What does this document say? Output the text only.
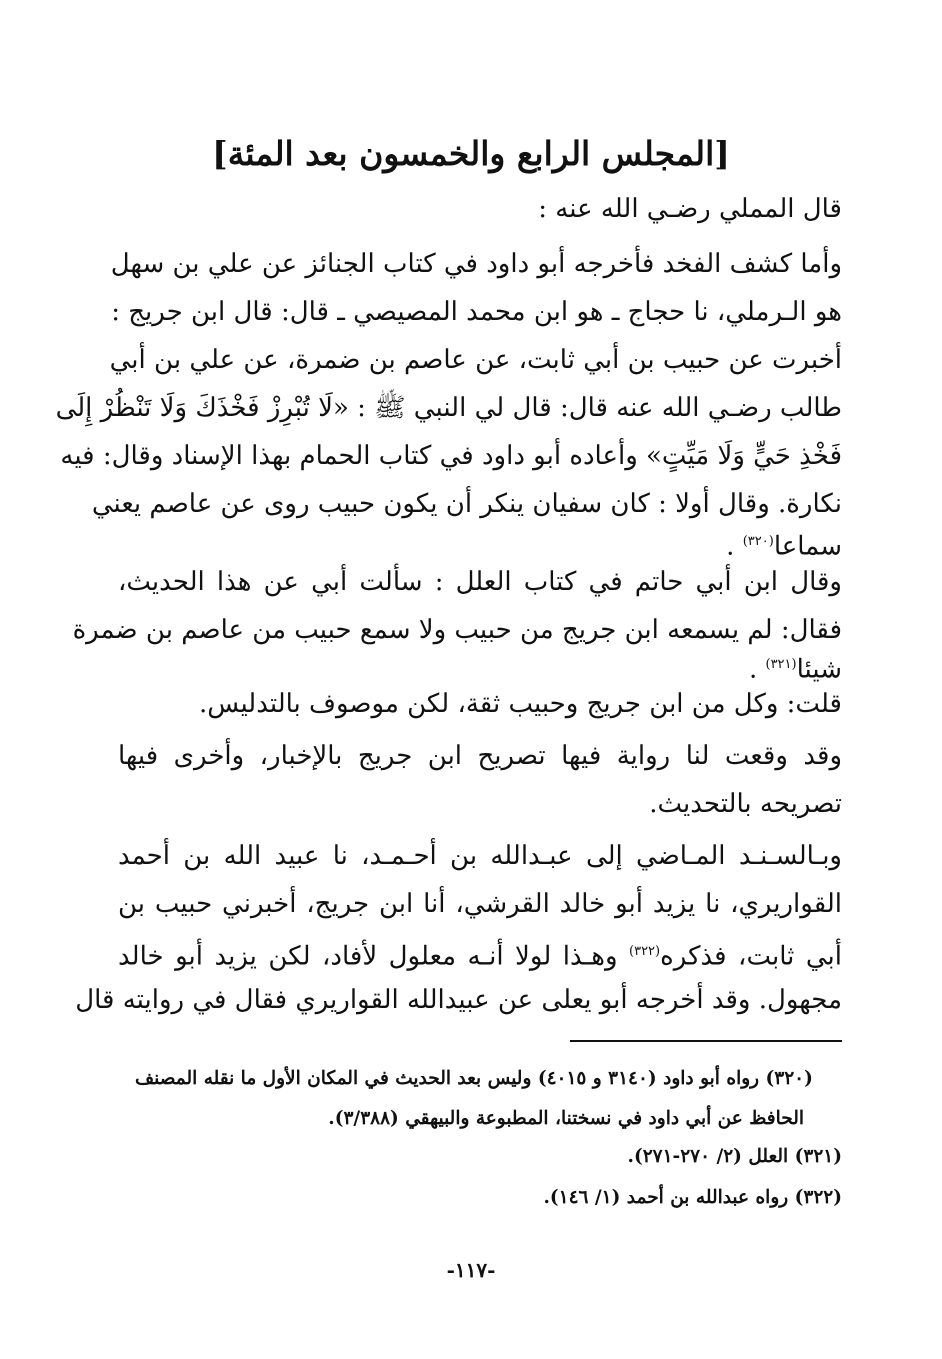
[المجلس الرابع والخمسون بعد المئة]
قال المملي رضـي الله عنه :
وأما كشف الفخد فأخرجه أبو داود في كتاب الجنائز عن علي بن سهل
هو الـرملي، نا حجاج ـ هو ابن محمد المصيصي ـ قال: قال ابن جريج :
أخبرت عن حبيب بن أبي ثابت، عن عاصم بن ضمرة، عن علي بن أبي
طالب رضـي الله عنه قال: قال لي النبي ﷺ : «لَا تُبْرِزْ فَخْذَكَ وَلَا تَنْظُرْ إِلَى
فَخْذِ حَيٍّ وَلَا مَيِّتٍ» وأعاده أبو داود في كتاب الحمام بهذا الإسناد وقال: فيه
نكارة. وقال أولا : كان سفيان ينكر أن يكون حبيب روى عن عاصم يعني
سماعا$^{(٣٢٠)}$ .
وقال ابن أبي حاتم في كتاب العلل : سألت أبي عن هذا الحديث،
فقال: لم يسمعه ابن جريج من حبيب ولا سمع حبيب من عاصم بن ضمرة
شيئا$^{(٣٢١)}$ .
قلت: وكل من ابن جريج وحبيب ثقة، لكن موصوف بالتدليس.
وقد وقعت لنا رواية فيها تصريح ابن جريج بالإخبار، وأخرى فيها
تصريحه بالتحديث.
وبـالسـنـد المـاضي إلى عبـدالله بن أحـمـد، نا عبيد الله بن أحمد
القواريري، نا يزيد أبو خالد القرشي، أنا ابن جريج، أخبرني حبيب بن
أبي ثابت، فذكره$^{(٣٢٢)}$ وهـذا لولا أنـه معلول لأفاد، لكن يزيد أبو خالد
مجهول. وقد أخرجه أبو يعلى عن عبيدالله القواريري فقال في روايته قال
(٣٢٠) رواه أبو داود (٣١٤٠ و ٤٠١٥) وليس بعد الحديث في المكان الأول ما نقله المصنف
الحافظ عن أبي داود في نسختنا، المطبوعة والبيهقي (٣/٣٨٨).
(٣٢١) العلل (٢/ ٢٧٠-٢٧١).
(٣٢٢) رواه عبدالله بن أحمد (١/ ١٤٦).
-١١٧-
